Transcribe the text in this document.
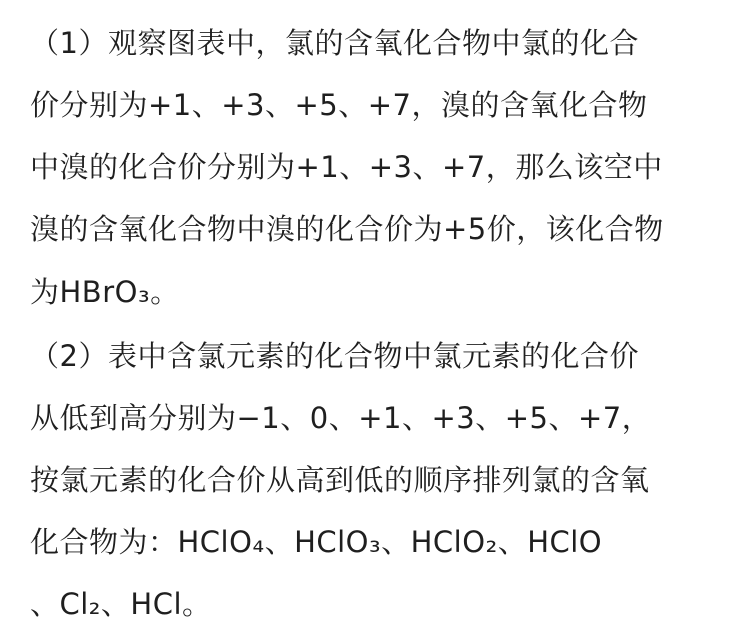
（1）观察图表中，氯的含氧化合物中氯的化合
价分别为+1、+3、+5、+7，溴的含氧化合物
中溴的化合价分别为+1、+3、+7，那么该空中
溴的含氧化合物中溴的化合价为+5价，该化合物
为HBrO₃。
（2）表中含氯元素的化合物中氯元素的化合价
从低到高分别为−1、0、+1、+3、+5、+7，
按氯元素的化合价从高到低的顺序排列氯的含氧
化合物为：HClO₄、HClO₃、HClO₂、HClO
、Cl₂、HCl。
